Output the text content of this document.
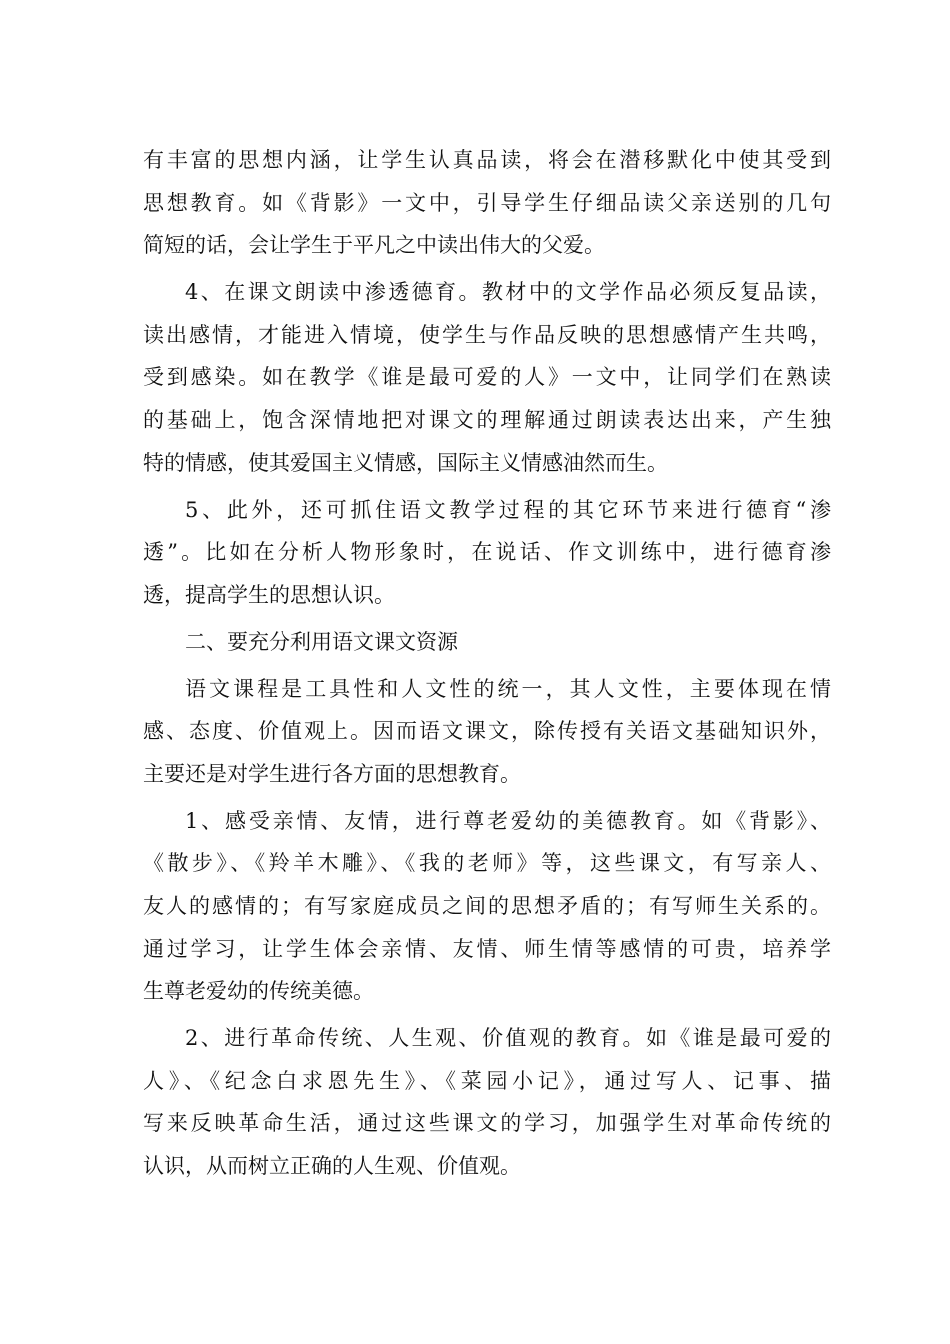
有丰富的思想内涵，让学生认真品读，将会在潜移默化中使其受到
思想教育。如《背影》一文中，引导学生仔细品读父亲送别的几句
简短的话，会让学生于平凡之中读出伟大的父爱。
4、在课文朗读中渗透德育。教材中的文学作品必须反复品读，
读出感情，才能进入情境，使学生与作品反映的思想感情产生共鸣，
受到感染。如在教学《谁是最可爱的人》一文中，让同学们在熟读
的基础上，饱含深情地把对课文的理解通过朗读表达出来，产生独
特的情感，使其爱国主义情感，国际主义情感油然而生。
5、此外，还可抓住语文教学过程的其它环节来进行德育“渗
透”。比如在分析人物形象时，在说话、作文训练中，进行德育渗
透，提高学生的思想认识。
二、要充分利用语文课文资源
语文课程是工具性和人文性的统一，其人文性，主要体现在情
感、态度、价值观上。因而语文课文，除传授有关语文基础知识外，
主要还是对学生进行各方面的思想教育。
1、感受亲情、友情，进行尊老爱幼的美德教育。如《背影》、
《散步》、《羚羊木雕》、《我的老师》等，这些课文，有写亲人、
友人的感情的；有写家庭成员之间的思想矛盾的；有写师生关系的。
通过学习，让学生体会亲情、友情、师生情等感情的可贵，培养学
生尊老爱幼的传统美德。
2、进行革命传统、人生观、价值观的教育。如《谁是最可爱的
人》、《纪念白求恩先生》、《菜园小记》，通过写人、记事、描
写来反映革命生活，通过这些课文的学习，加强学生对革命传统的
认识，从而树立正确的人生观、价值观。
